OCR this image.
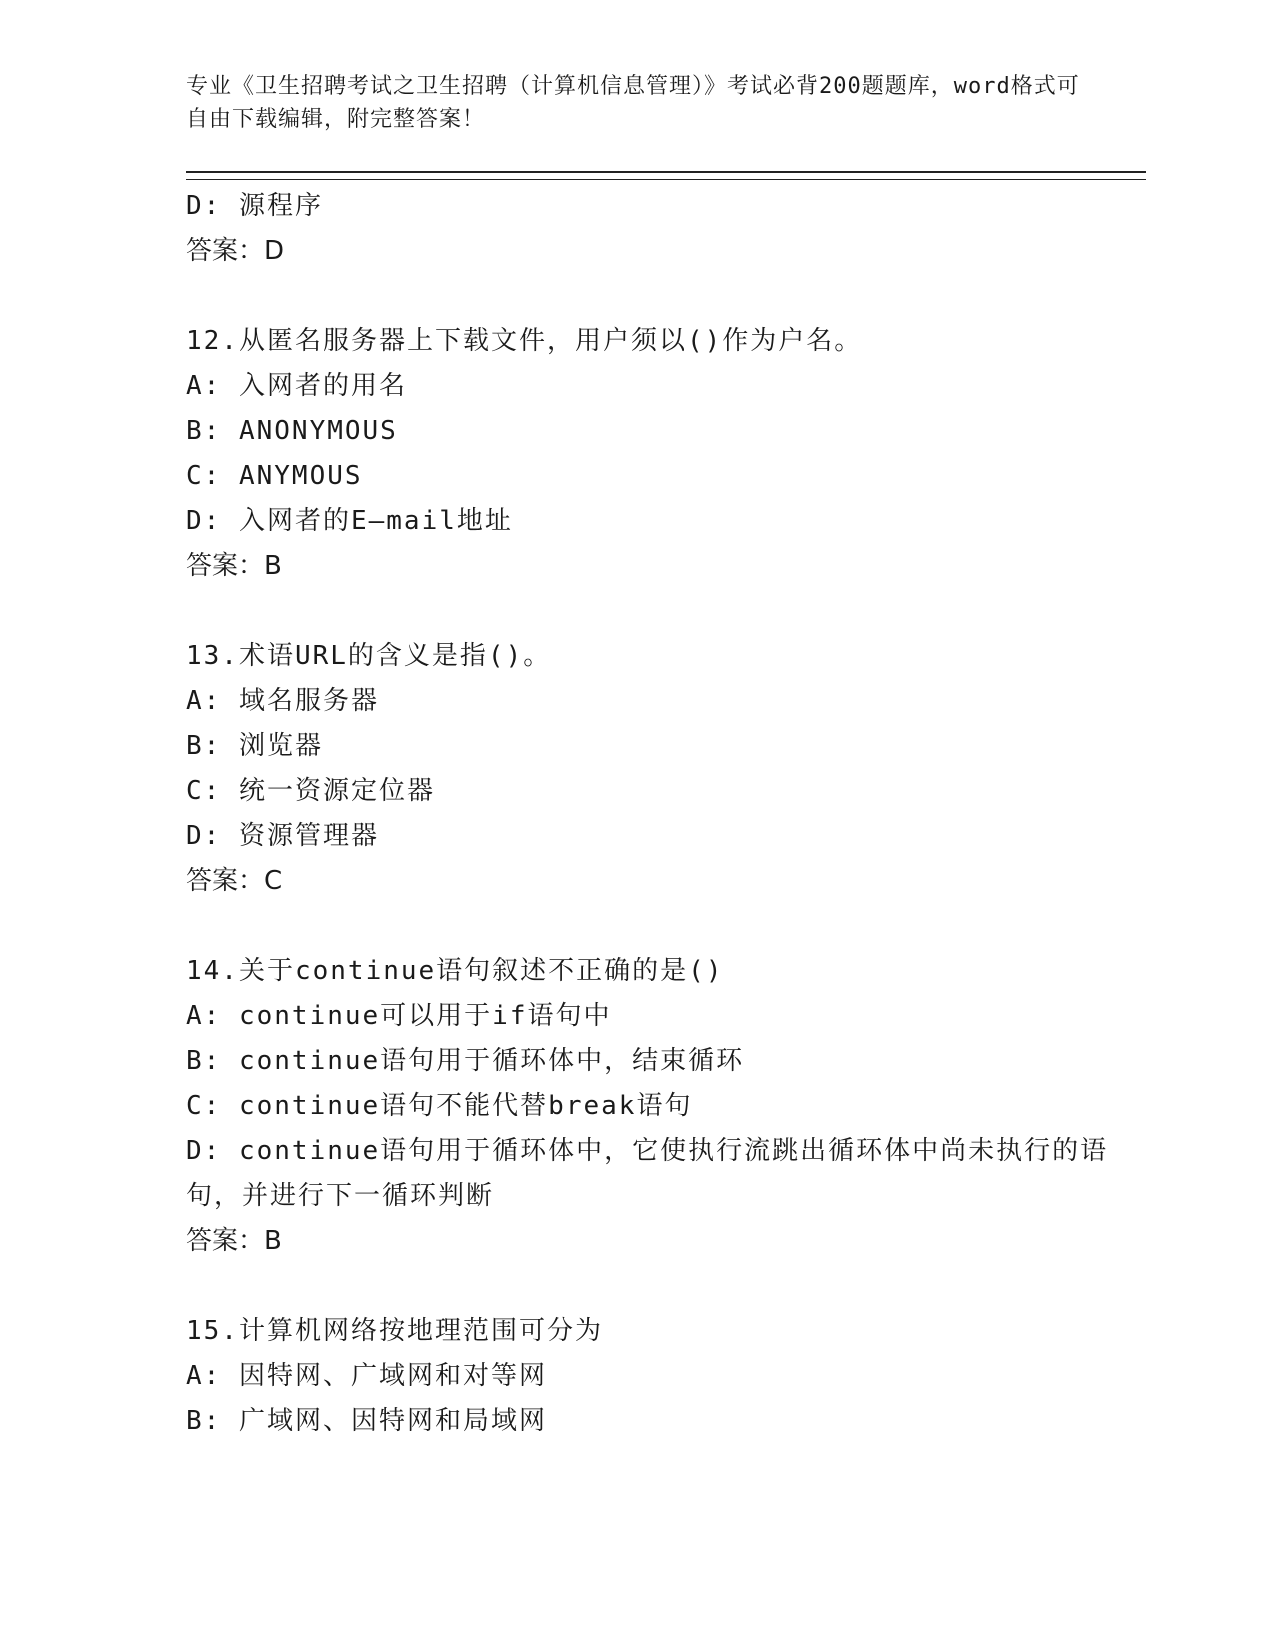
专业《卫生招聘考试之卫生招聘（计算机信息管理）》考试必背200题题库，word格式可自由下载编辑，附完整答案！

D: 源程序

答案：D

12.从匿名服务器上下载文件，用户须以()作为户名。

A: 入网者的用名

B: ANONYMOUS

C: ANYMOUS

D: 入网者的E—mail地址

答案：B

13.术语URL的含义是指()。

A: 域名服务器

B: 浏览器

C: 统一资源定位器

D: 资源管理器

答案：C

14.关于continue语句叙述不正确的是()

A: continue可以用于if语句中

B: continue语句用于循环体中，结束循环

C: continue语句不能代替break语句

D: continue语句用于循环体中，它使执行流跳出循环体中尚未执行的语句，并进行下一循环判断

答案：B

15.计算机网络按地理范围可分为

A: 因特网、广域网和对等网

B: 广域网、因特网和局域网
